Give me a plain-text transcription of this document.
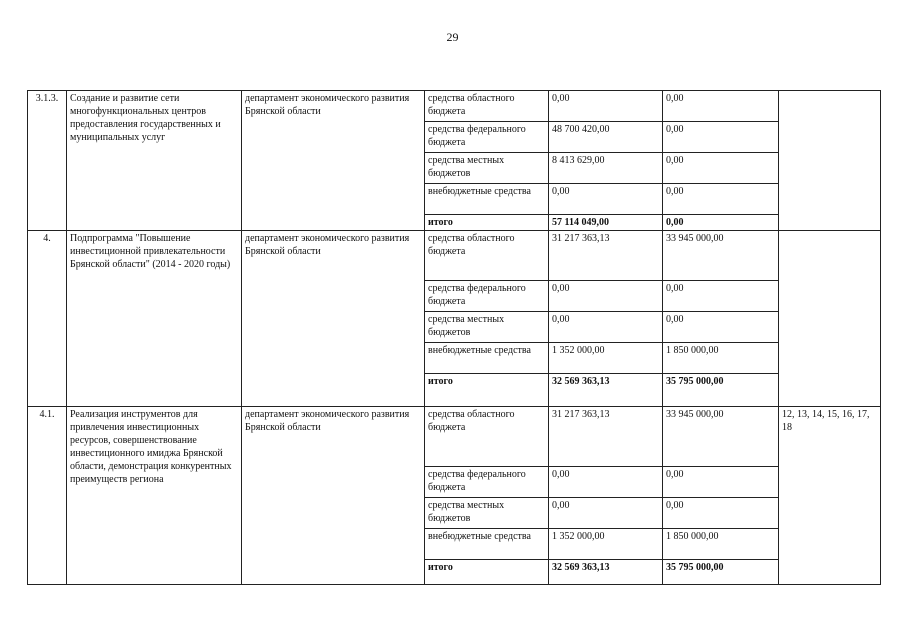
29
3.1.3.	Создание и развитие сети многофункциональных центров предоставления государственных и муниципальных услуг	департамент экономического развития Брянской области	средства областного бюджета	0,00	0,00	
			средства федерального бюджета	48 700 420,00	0,00	
			средства местных бюджетов	8 413 629,00	0,00	
			внебюджетные средства	0,00	0,00	
			итого	57 114 049,00	0,00	
4.	Подпрограмма "Повышение инвестиционной привлекательности Брянской области" (2014 - 2020 годы)	департамент экономического развития Брянской области	средства областного бюджета	31 217 363,13	33 945 000,00	
			средства федерального бюджета	0,00	0,00	
			средства местных бюджетов	0,00	0,00	
			внебюджетные средства	1 352 000,00	1 850 000,00	
			итого	32 569 363,13	35 795 000,00	
4.1.	Реализация инструментов для привлечения инвестиционных ресурсов, совершенствование инвестиционного имиджа Брянской области, демонстрация конкурентных преимуществ региона	департамент экономического развития Брянской области	средства областного бюджета	31 217 363,13	33 945 000,00	12, 13, 14, 15, 16, 17, 18
			средства федерального бюджета	0,00	0,00	
			средства местных бюджетов	0,00	0,00	
			внебюджетные средства	1 352 000,00	1 850 000,00	
			итого	32 569 363,13	35 795 000,00	
